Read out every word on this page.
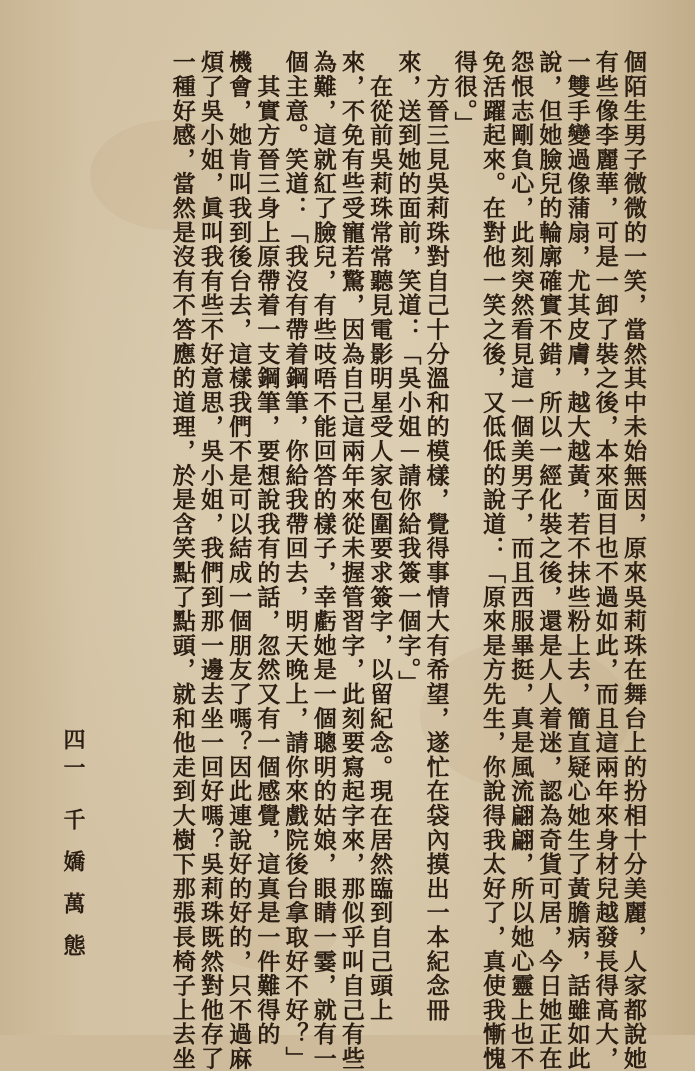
個陌生男子微微的一笑，當然其中未始無因，原來吳莉珠在舞台上的扮相十分美麗，人家都說她
有些像李麗華，可是一卸了裝之後，本來面目也不過如此，而且這兩年來身材兒越發長得高大，
一雙手變過像蒲扇，尤其皮膚，越大越黃，若不抹些粉上去，簡直疑心她生了黃膽病，話雖如此
說，但她臉兒的輪廓確實不錯，所以一經化裝之後，還是人人着迷，認為奇貨可居，今日她正在
怨恨志剛負心，此刻突然看見這一個美男子，而且西服畢挺，真是風流翩翩，所以她心靈上也不
免活躍起來。在對他一笑之後，又低低的說道：「原來是方先生，你說得我太好了，真使我慚愧
得很。」
　方晉三見吳莉珠對自己十分溫和的模樣，覺得事情大有希望，遂忙在袋內摸出一本紀念冊
來，送到她的面前，笑道：「吳小姐－請你給我簽一個字。」
　在從前吳莉珠常常聽見電影明星受人家包圍要求簽字，以留紀念。現在居然臨到自己頭上
來，不免有些受寵若驚，因為自己這兩年來從未握管習字，此刻要寫起字來，那似乎叫自己有些
為難，這就紅了臉兒，有些吱唔不能回答的樣子，幸虧她是一個聰明的姑娘，眼睛一霎，就有一
個主意。笑道：「我沒有帶着鋼筆，你給我帶回去，明天晚上，請你來戲院後台拿取好不好？」
　其實方晉三身上原帶着一支鋼筆，要想說我有的話，忽然又有一個感覺，這真是一件難得的
機會，她肯叫我到後台去，這樣我們不是可以結成一個朋友了嗎？因此連說好的好的，只不過麻
煩了吳小姐，眞叫我有些不好意思，吳小姐，我們到那一邊去坐一回好嗎？吳莉珠既然對他存了
一種好感，當然是沒有不答應的道理，於是含笑點了點頭，就和他走到大樹下那張長椅子上去坐
千嬌萬態
四一
